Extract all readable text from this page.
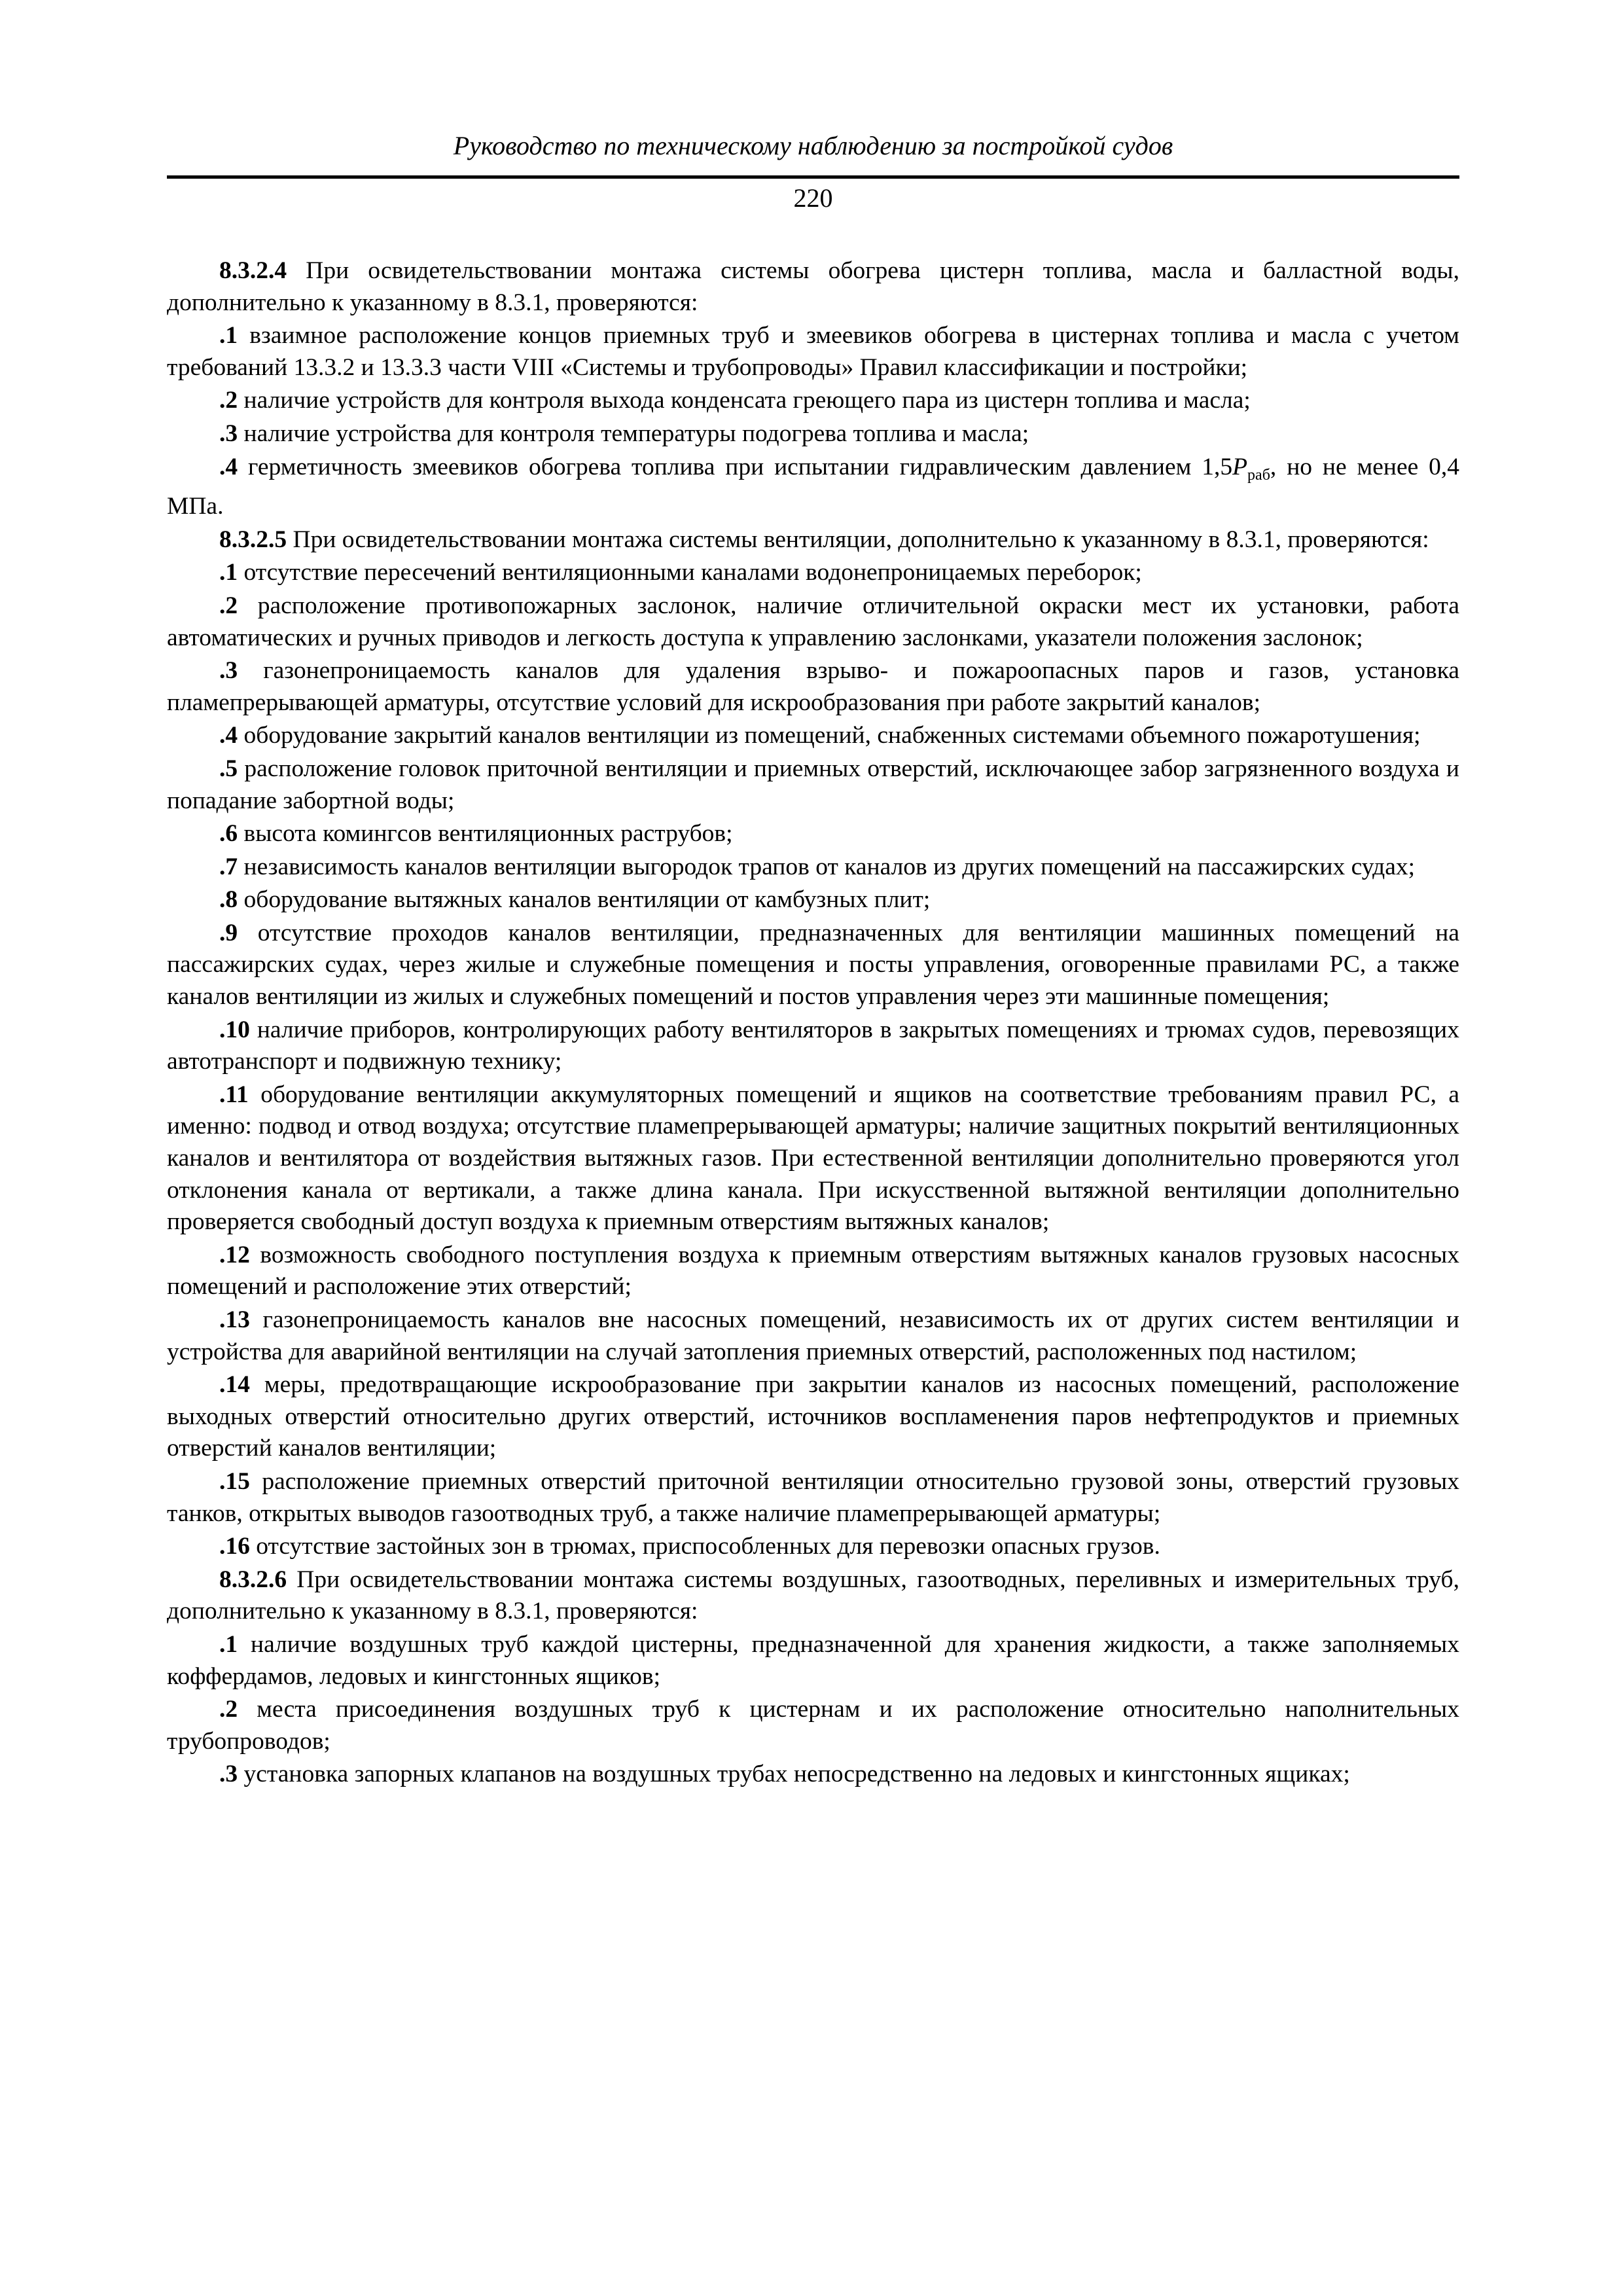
Руководство по техническому наблюдению за постройкой судов
220

8.3.2.4 При освидетельствовании монтажа системы обогрева цистерн топлива, масла и балластной воды, дополнительно к указанному в 8.3.1, проверяются:

.1 взаимное расположение концов приемных труб и змеевиков обогрева в цистернах топлива и масла с учетом требований 13.3.2 и 13.3.3 части VIII «Системы и трубопроводы» Правил классификации и постройки;

.2 наличие устройств для контроля выхода конденсата греющего пара из цистерн топлива и масла;

.3 наличие устройства для контроля температуры подогрева топлива и масла;

.4 герметичность змеевиков обогрева топлива при испытании гидравлическим давлением $1,5P_{раб}$, но не менее 0,4 МПа.

8.3.2.5 При освидетельствовании монтажа системы вентиляции, дополнительно к указанному в 8.3.1, проверяются:

.1 отсутствие пересечений вентиляционными каналами водонепроницаемых переборок;

.2 расположение противопожарных заслонок, наличие отличительной окраски мест их установки, работа автоматических и ручных приводов и легкость доступа к управлению заслонками, указатели положения заслонок;

.3 газонепроницаемость каналов для удаления взрыво- и пожароопасных паров и газов, установка пламепрерывающей арматуры, отсутствие условий для искрообразования при работе закрытий каналов;

.4 оборудование закрытий каналов вентиляции из помещений, снабженных системами объемного пожаротушения;

.5 расположение головок приточной вентиляции и приемных отверстий, исключающее забор загрязненного воздуха и попадание забортной воды;

.6 высота комингсов вентиляционных раструбов;

.7 независимость каналов вентиляции выгородок трапов от каналов из других помещений на пассажирских судах;

.8 оборудование вытяжных каналов вентиляции от камбузных плит;

.9 отсутствие проходов каналов вентиляции, предназначенных для вентиляции машинных помещений на пассажирских судах, через жилые и служебные помещения и посты управления, оговоренные правилами РС, а также каналов вентиляции из жилых и служебных помещений и постов управления через эти машинные помещения;

.10 наличие приборов, контролирующих работу вентиляторов в закрытых помещениях и трюмах судов, перевозящих автотранспорт и подвижную технику;

.11 оборудование вентиляции аккумуляторных помещений и ящиков на соответствие требованиям правил РС, а именно: подвод и отвод воздуха; отсутствие пламепрерывающей арматуры; наличие защитных покрытий вентиляционных каналов и вентилятора от воздействия вытяжных газов. При естественной вентиляции дополнительно проверяются угол отклонения канала от вертикали, а также длина канала. При искусственной вытяжной вентиляции дополнительно проверяется свободный доступ воздуха к приемным отверстиям вытяжных каналов;

.12 возможность свободного поступления воздуха к приемным отверстиям вытяжных каналов грузовых насосных помещений и расположение этих отверстий;

.13 газонепроницаемость каналов вне насосных помещений, независимость их от других систем вентиляции и устройства для аварийной вентиляции на случай затопления приемных отверстий, расположенных под настилом;

.14 меры, предотвращающие искрообразование при закрытии каналов из насосных помещений, расположение выходных отверстий относительно других отверстий, источников воспламенения паров нефтепродуктов и приемных отверстий каналов вентиляции;

.15 расположение приемных отверстий приточной вентиляции относительно грузовой зоны, отверстий грузовых танков, открытых выводов газоотводных труб, а также наличие пламепрерывающей арматуры;

.16 отсутствие застойных зон в трюмах, приспособленных для перевозки опасных грузов.

8.3.2.6 При освидетельствовании монтажа системы воздушных, газоотводных, переливных и измерительных труб, дополнительно к указанному в 8.3.1, проверяются:

.1 наличие воздушных труб каждой цистерны, предназначенной для хранения жидкости, а также заполняемых коффердамов, ледовых и кингстонных ящиков;

.2 места присоединения воздушных труб к цистернам и их расположение относительно наполнительных трубопроводов;

.3 установка запорных клапанов на воздушных трубах непосредственно на ледовых и кингстонных ящиках;
